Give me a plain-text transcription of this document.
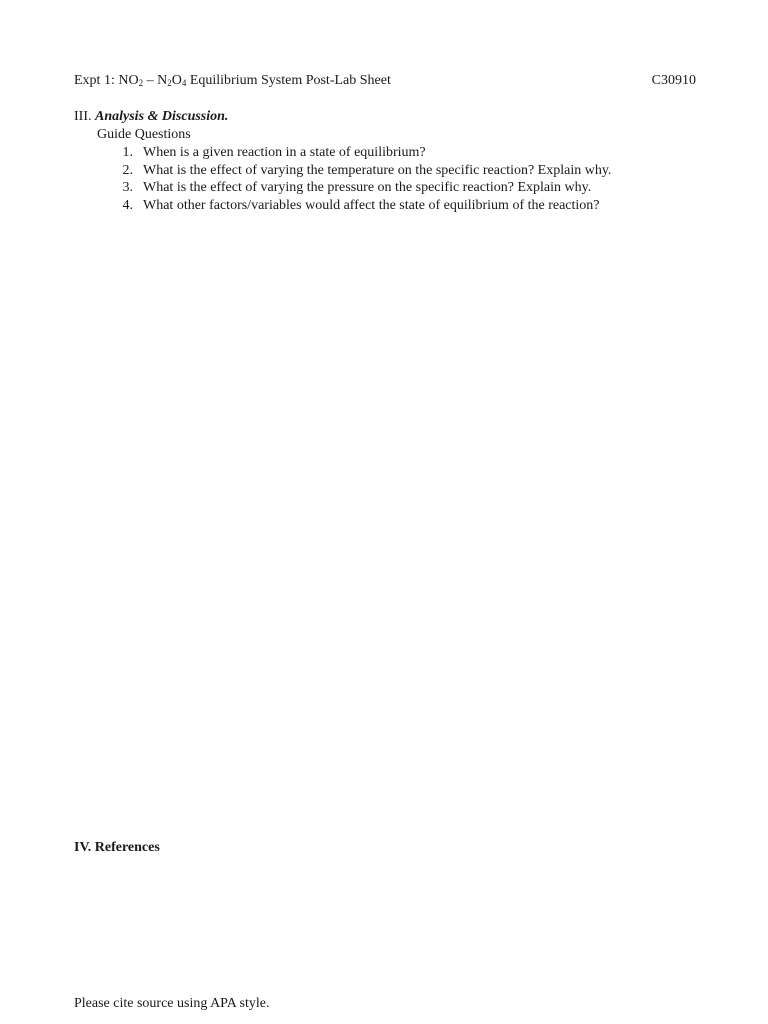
Expt 1: $NO_2 - N_2O_4$ Equilibrium System Post-Lab Sheet	C30910
III. Analysis & Discussion.
Guide Questions
1. When is a given reaction in a state of equilibrium?
2. What is the effect of varying the temperature on the specific reaction? Explain why.
3. What is the effect of varying the pressure on the specific reaction? Explain why.
4. What other factors/variables would affect the state of equilibrium of the reaction?
IV. References
Please cite source using APA style.
